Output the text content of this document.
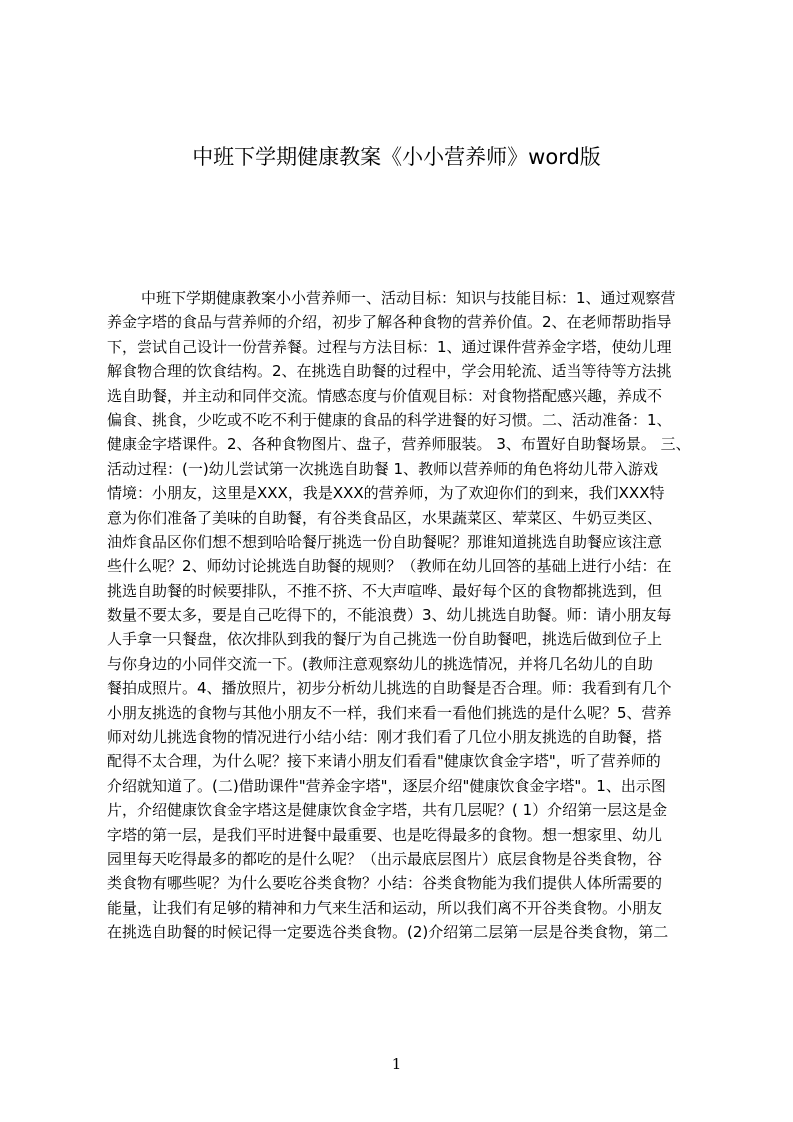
中班下学期健康教案《小小营养师》word版
中班下学期健康教案小小营养师一、活动目标：知识与技能目标：1、通过观察营
养金字塔的食品与营养师的介绍，初步了解各种食物的营养价值。2、在老师帮助指导
下，尝试自己设计一份营养餐。过程与方法目标：1、通过课件营养金字塔，使幼儿理
解食物合理的饮食结构。2、在挑选自助餐的过程中，学会用轮流、适当等待等方法挑
选自助餐，并主动和同伴交流。情感态度与价值观目标：对食物搭配感兴趣，养成不
偏食、挑食，少吃或不吃不利于健康的食品的科学进餐的好习惯。二、活动准备：1、
健康金字塔课件。2、各种食物图片、盘子，营养师服装。 3、布置好自助餐场景。 三、
活动过程：(一)幼儿尝试第一次挑选自助餐 1、教师以营养师的角色将幼儿带入游戏
情境：小朋友，这里是XXX，我是XXX的营养师，为了欢迎你们的到来，我们XXX特
意为你们准备了美味的自助餐，有谷类食品区，水果蔬菜区、荤菜区、牛奶豆类区、
油炸食品区你们想不想到哈哈餐厅挑选一份自助餐呢？那谁知道挑选自助餐应该注意
些什么呢？2、师幼讨论挑选自助餐的规则？（教师在幼儿回答的基础上进行小结：在
挑选自助餐的时候要排队，不推不挤、不大声喧哗、最好每个区的食物都挑选到，但
数量不要太多，要是自己吃得下的，不能浪费）3、幼儿挑选自助餐。师：请小朋友每
人手拿一只餐盘，依次排队到我的餐厅为自己挑选一份自助餐吧，挑选后做到位子上
与你身边的小同伴交流一下。(教师注意观察幼儿的挑选情况，并将几名幼儿的自助
餐拍成照片。4、播放照片，初步分析幼儿挑选的自助餐是否合理。师：我看到有几个
小朋友挑选的食物与其他小朋友不一样，我们来看一看他们挑选的是什么呢？5、营养
师对幼儿挑选食物的情况进行小结小结：刚才我们看了几位小朋友挑选的自助餐，搭
配得不太合理，为什么呢？接下来请小朋友们看看"健康饮食金字塔"，听了营养师的
介绍就知道了。(二)借助课件"营养金字塔"，逐层介绍"健康饮食金字塔"。1、出示图
片，介绍健康饮食金字塔这是健康饮食金字塔，共有几层呢？( 1）介绍第一层这是金
字塔的第一层，是我们平时进餐中最重要、也是吃得最多的食物。想一想家里、幼儿
园里每天吃得最多的都吃的是什么呢？（出示最底层图片）底层食物是谷类食物，谷
类食物有哪些呢？为什么要吃谷类食物？小结：谷类食物能为我们提供人体所需要的
能量，让我们有足够的精神和力气来生活和运动，所以我们离不开谷类食物。小朋友
在挑选自助餐的时候记得一定要选谷类食物。(2)介绍第二层第一层是谷类食物，第二
1
